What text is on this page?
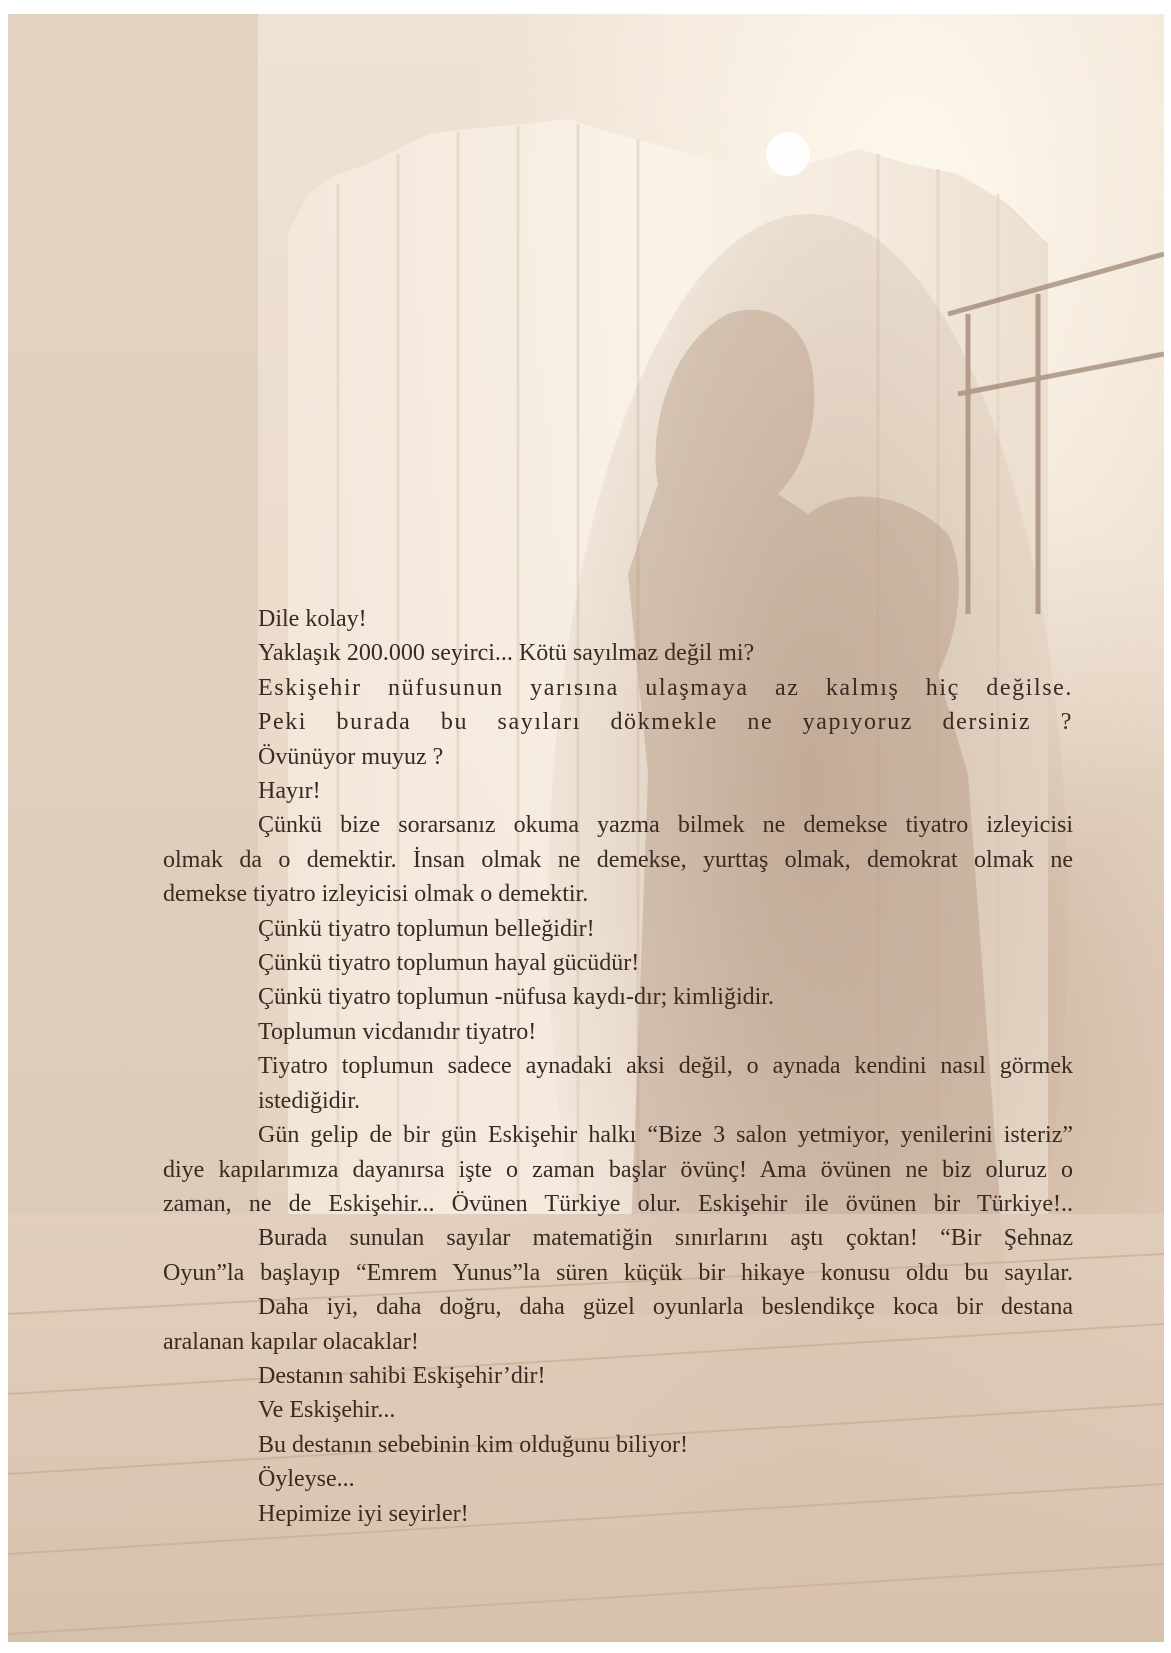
Dile kolay!

Yaklaşık 200.000 seyirci... Kötü sayılmaz değil mi?

Eskişehir nüfusunun yarısına ulaşmaya az kalmış hiç değilse.

Peki burada bu sayıları dökmekle ne yapıyoruz dersiniz ?

Övünüyor muyuz ?

Hayır!

Çünkü bize sorarsanız okuma yazma bilmek ne demekse tiyatro izleyicisi

olmak da o demektir. İnsan olmak ne demekse, yurttaş olmak, demokrat olmak ne

demekse tiyatro izleyicisi olmak o demektir.

Çünkü tiyatro toplumun belleğidir!

Çünkü tiyatro toplumun hayal gücüdür!

Çünkü tiyatro toplumun -nüfusa kaydı-dır; kimliğidir.

Toplumun vicdanıdır tiyatro!

Tiyatro toplumun sadece aynadaki aksi değil, o aynada kendini nasıl görmek

istediğidir.

Gün gelip de bir gün Eskişehir halkı “Bize 3 salon yetmiyor, yenilerini isteriz”

diye kapılarımıza dayanırsa işte o zaman başlar övünç! Ama övünen ne biz oluruz o

zaman, ne de Eskişehir... Övünen Türkiye olur. Eskişehir ile övünen bir Türkiye!..

Burada sunulan sayılar matematiğin sınırlarını aştı çoktan! “Bir Şehnaz

Oyun”la başlayıp “Emrem Yunus”la süren küçük bir hikaye konusu oldu bu sayılar.

Daha iyi, daha doğru, daha güzel oyunlarla beslendikçe koca bir destana

aralanan kapılar olacaklar!

Destanın sahibi Eskişehir’dir!

Ve Eskişehir...

Bu destanın sebebinin kim olduğunu biliyor!

Öyleyse...

Hepimize iyi seyirler!
